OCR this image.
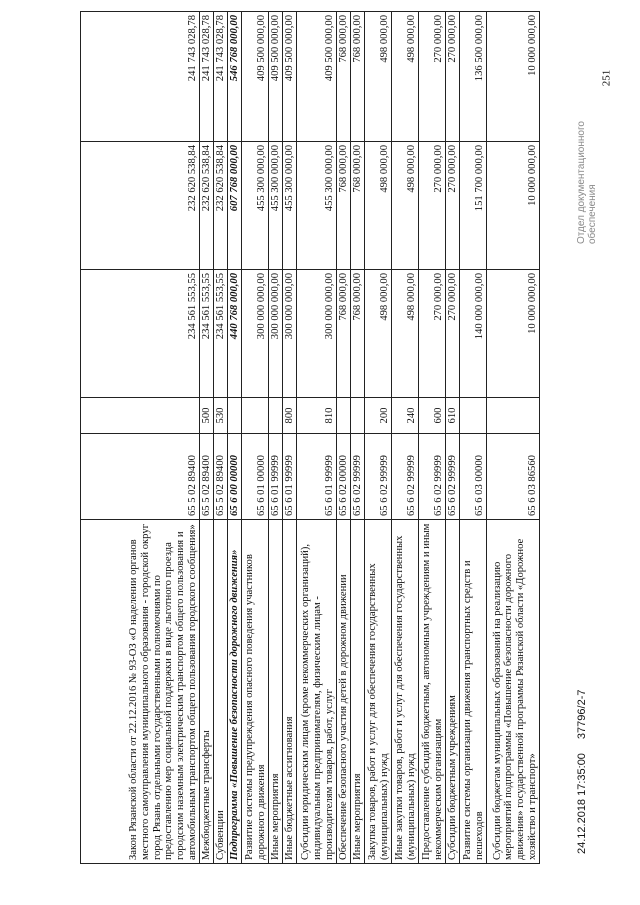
251
Закон Рязанской области от 22.12.2016 № 93-ОЗ «О наделении органов местного самоуправления муниципального образования - городской округ город Рязань отдельными государственными полномочиями по предоставлению мер социальной поддержки в виде льготного проезда городским наземным электрическим транспортом общего пользования и автомобильным транспортом общего пользования городского сообщения»	65 5 02 89400		234 561 553,55	232 620 538,84	241 743 028,78
Межбюджетные трансферты	65 5 02 89400	500	234 561 553,55	232 620 538,84	241 743 028,78
Субвенции	65 5 02 89400	530	234 561 553,55	232 620 538,84	241 743 028,78
Подпрограмма «Повышение безопасности дорожного движения»	65 6 00 00000		440 768 000,00	607 768 000,00	546 768 000,00
Развитие системы предупреждения опасного поведения участников дорожного движения	65 6 01 00000		300 000 000,00	455 300 000,00	409 500 000,00
Иные мероприятия	65 6 01 99999		300 000 000,00	455 300 000,00	409 500 000,00
Иные бюджетные ассигнования	65 6 01 99999	800	300 000 000,00	455 300 000,00	409 500 000,00
Субсидии юридическим лицам (кроме некоммерческих организаций), индивидуальным предпринимателям, физическим лицам - производителям товаров, работ, услуг	65 6 01 99999	810	300 000 000,00	455 300 000,00	409 500 000,00
Обеспечение безопасного участия детей в дорожном движении	65 6 02 00000		768 000,00	768 000,00	768 000,00
Иные мероприятия	65 6 02 99999		768 000,00	768 000,00	768 000,00
Закупка товаров, работ и услуг для обеспечения государственных (муниципальных) нужд	65 6 02 99999	200	498 000,00	498 000,00	498 000,00
Иные закупки товаров, работ и услуг для обеспечения государственных (муниципальных) нужд	65 6 02 99999	240	498 000,00	498 000,00	498 000,00
Предоставление субсидий бюджетным, автономным учреждениям и иным некоммерческим организациям	65 6 02 99999	600	270 000,00	270 000,00	270 000,00
Субсидии бюджетным учреждениям	65 6 02 99999	610	270 000,00	270 000,00	270 000,00
Развитие системы организации движения транспортных средств и пешеходов	65 6 03 00000		140 000 000,00	151 700 000,00	136 500 000,00
Субсидии бюджетам муниципальных образований на реализацию мероприятий подпрограммы «Повышение безопасности дорожного движения» государственной программы Рязанской области «Дорожное хозяйство и транспорт»	65 6 03 86560		10 000 000,00	10 000 000,00	10 000 000,00
24.12.2018 17:35:00
37796/2-7
Отдел документационного обеспечения
